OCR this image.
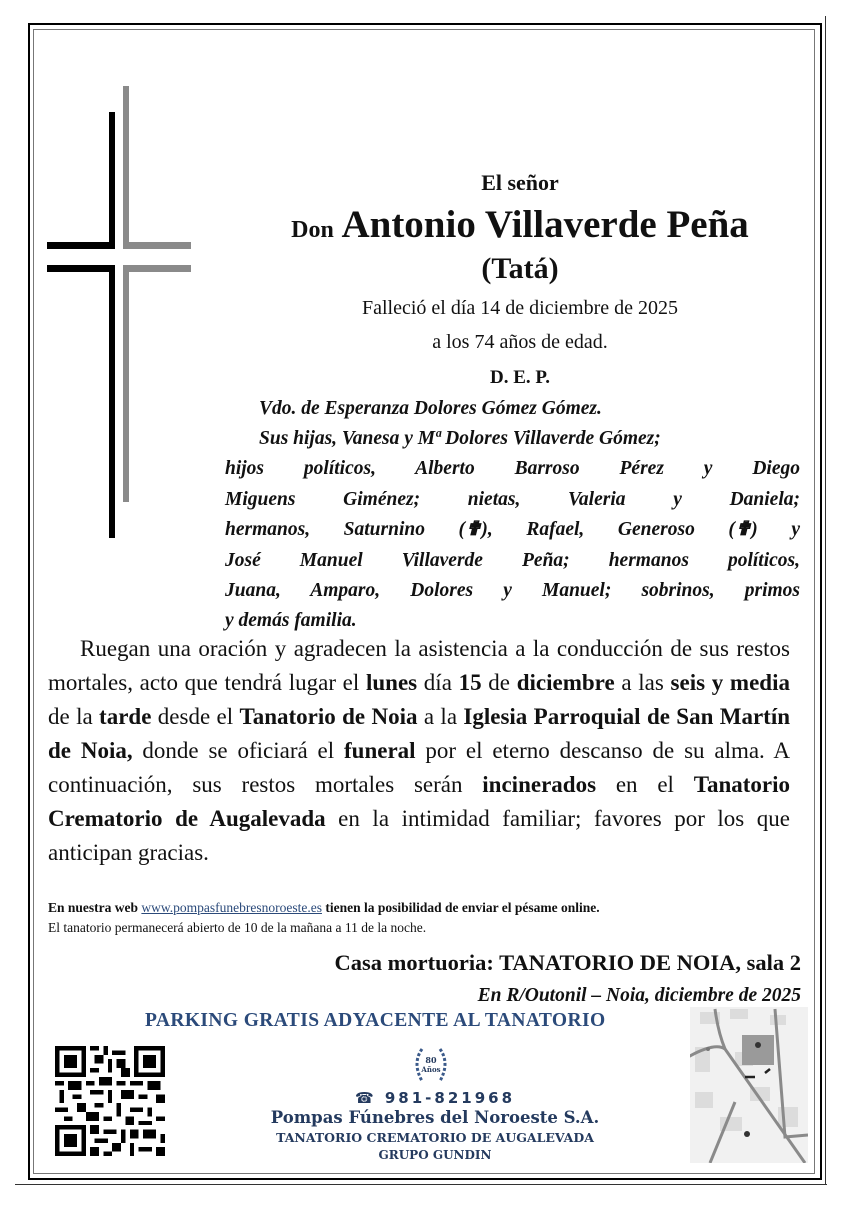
El señor
Don Antonio Villaverde Peña
(Tatá)
Falleció el día 14 de diciembre de 2025
a los 74 años de edad.
D. E. P.
Vdo. de Esperanza Dolores Gómez Gómez.
Sus hijas, Vanesa y Mª Dolores Villaverde Gómez;
hijos políticos, Alberto Barroso Pérez y Diego
Miguens Giménez; nietas, Valeria y Daniela;
hermanos, Saturnino (✟), Rafael, Generoso (✟) y
José Manuel Villaverde Peña; hermanos políticos,
Juana, Amparo, Dolores y Manuel; sobrinos, primos
y demás familia.
Ruegan una oración y agradecen la asistencia a la conducción de sus restos mortales, acto que tendrá lugar el lunes día 15 de diciembre a las seis y media de la tarde desde el Tanatorio de Noia a la Iglesia Parroquial de San Martín de Noia, donde se oficiará el funeral por el eterno descanso de su alma. A continuación, sus restos mortales serán incinerados en el Tanatorio Crematorio de Augalevada en la intimidad familiar; favores por los que anticipan gracias.
En nuestra web www.pompasfunebresnoroeste.es tienen la posibilidad de enviar el pésame online.
El tanatorio permanecerá abierto de 10 de la mañana a 11 de la noche.
Casa mortuoria: TANATORIO DE NOIA, sala 2
En R/Outonil – Noia, diciembre de 2025
PARKING GRATIS ADYACENTE AL TANATORIO
80
Años
☎ 981-821968
Pompas Fúnebres del Noroeste S.A.
TANATORIO CREMATORIO DE AUGALEVADA
GRUPO GUNDIN
